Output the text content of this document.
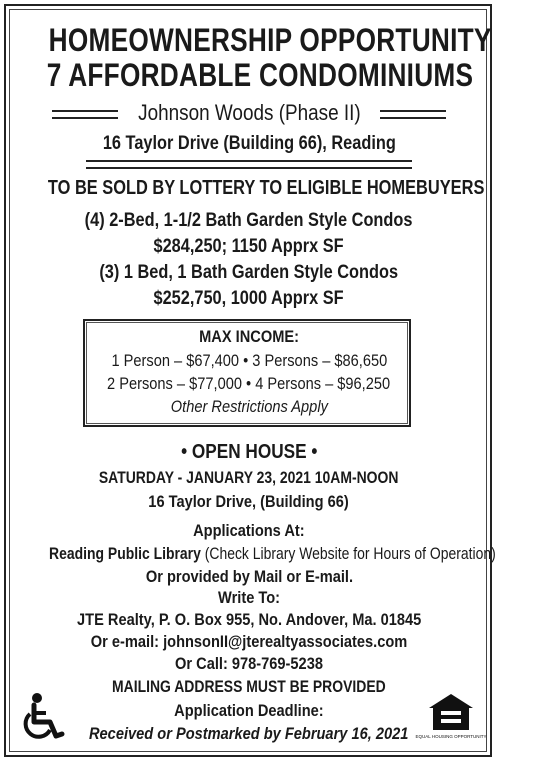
HOMEOWNERSHIP OPPORTUNITY
7 AFFORDABLE CONDOMINIUMS
Johnson Woods (Phase II)
16 Taylor Drive (Building 66), Reading
TO BE SOLD BY LOTTERY TO ELIGIBLE HOMEBUYERS
(4) 2-Bed, 1-1/2 Bath Garden Style Condos
$284,250; 1150 Apprx SF
(3) 1 Bed, 1 Bath Garden Style Condos
$252,750, 1000 Apprx SF
MAX INCOME:
1 Person – $67,400 • 3 Persons – $86,650
2 Persons – $77,000 • 4 Persons – $96,250
Other Restrictions Apply
• OPEN HOUSE •
SATURDAY - JANUARY 23, 2021 10AM-NOON
16 Taylor Drive, (Building 66)
Applications At:
Reading Public Library (Check Library Website for Hours of Operation)
Or provided by Mail or E-mail.
Write To:
JTE Realty, P. O. Box 955, No. Andover, Ma. 01845
Or e-mail: johnsonII@jterealtyassociates.com
Or Call: 978-769-5238
MAILING ADDRESS MUST BE PROVIDED
Application Deadline:
Received or Postmarked by February 16, 2021	EQUAL HOUSING OPPORTUNITY
